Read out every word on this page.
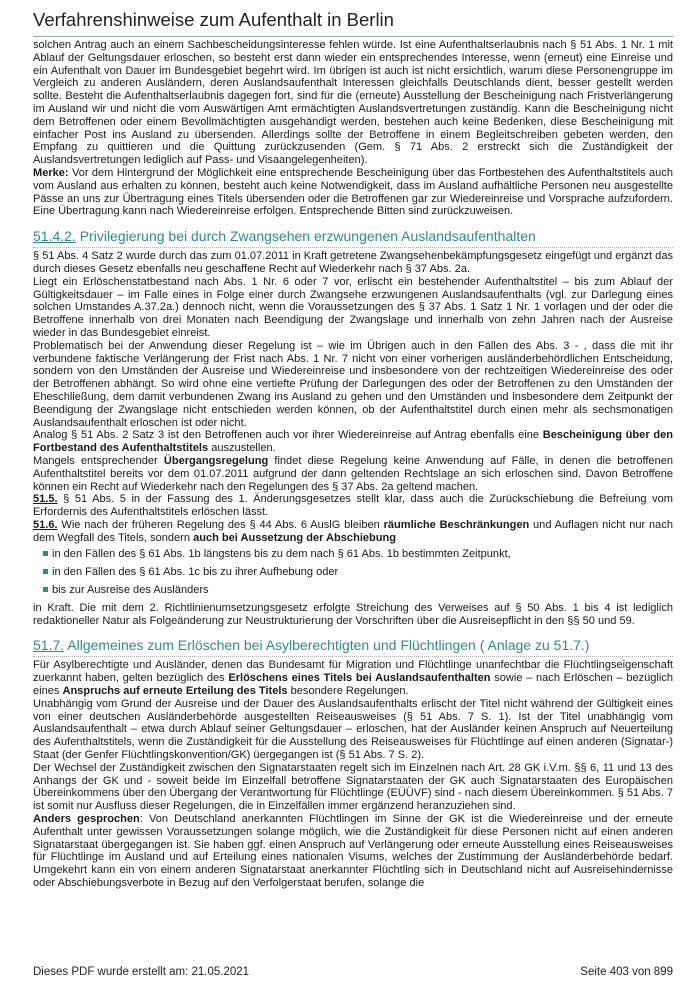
Verfahrenshinweise zum Aufenthalt in Berlin

solchen Antrag auch an einem Sachbescheidungsinteresse fehlen würde. Ist eine Aufenthaltserlaubnis nach § 51 Abs. 1 Nr. 1 mit Ablauf der Geltungsdauer erloschen, so besteht erst dann wieder ein entsprechendes Interesse, wenn (erneut) eine Einreise und ein Aufenthalt von Dauer im Bundesgebiet begehrt wird. Im übrigen ist auch ist nicht ersichtlich, warum diese Personengruppe im Vergleich zu anderen Ausländern, deren Auslandsaufenthalt Interessen gleichfalls Deutschlands dient, besser gestellt werden sollte. Besteht die Aufenthaltserlaubnis dagegen fort, sind für die (erneute) Ausstellung der Bescheinigung nach Fristverlängerung im Ausland wir und nicht die vom Auswärtigen Amt ermächtigten Auslandsvertretungen zuständig. Kann die Bescheinigung nicht dem Betroffenen oder einem Bevollmächtigten ausgehändigt werden, bestehen auch keine Bedenken, diese Bescheinigung mit einfacher Post ins Ausland zu übersenden. Allerdings sollte der Betroffene in einem Begleitschreiben gebeten werden, den Empfang zu quittieren und die Quittung zurückzusenden (Gem. § 71 Abs. 2 erstreckt sich die Zuständigkeit der Auslandsvertretungen lediglich auf Pass- und Visaangelegenheiten).

Merke: Vor dem Hintergrund der Möglichkeit eine entsprechende Bescheinigung über das Fortbestehen des Aufenthaltstitels auch vom Ausland aus erhalten zu können, besteht auch keine Notwendigkeit, dass im Ausland aufhältliche Personen neu ausgestellte Pässe an uns zur Übertragung eines Titels übersenden oder die Betroffenen gar zur Wiedereinreise und Vorsprache aufzufordern. Eine Übertragung kann nach Wiedereinreise erfolgen. Entsprechende Bitten sind zurückzuweisen.

51.4.2. Privilegierung bei durch Zwangsehen erzwungenen Auslandsaufenthalten

§ 51 Abs. 4 Satz 2 wurde durch das zum 01.07.2011 in Kraft getretene Zwangsehenbekämpfungsgesetz eingefügt und ergänzt das durch dieses Gesetz ebenfalls neu geschaffene Recht auf Wiederkehr nach § 37 Abs. 2a.

Liegt ein Erlöschenstatbestand nach Abs. 1 Nr. 6 oder 7 vor, erlischt ein bestehender Aufenthaltstitel – bis zum Ablauf der Gültigkeitsdauer – im Falle eines in Folge einer durch Zwangsehe erzwungenen Auslandsaufenthalts (vgl. zur Darlegung eines solchen Umstandes A.37.2a.) dennoch nicht, wenn die Voraussetzungen des § 37 Abs. 1 Satz 1 Nr. 1 vorlagen und der oder die Betroffene innerhalb von drei Monaten nach Beendigung der Zwangslage und innerhalb von zehn Jahren nach der Ausreise wieder in das Bundesgebiet einreist.

Problematisch bei der Anwendung dieser Regelung ist – wie im Übrigen auch in den Fällen des Abs. 3 - , dass die mit ihr verbundene faktische Verlängerung der Frist nach Abs. 1 Nr. 7 nicht von einer vorherigen ausländerbehördlichen Entscheidung, sondern von den Umständen der Ausreise und Wiedereinreise und insbesondere von der rechtzeitigen Wiedereinreise des oder der Betroffenen abhängt. So wird ohne eine vertiefte Prüfung der Darlegungen des oder der Betroffenen zu den Umständen der Eheschließung, dem damit verbundenen Zwang ins Ausland zu gehen und den Umständen und insbesondere dem Zeitpunkt der Beendigung der Zwangslage nicht entschieden werden können, ob der Aufenthaltstitel durch einen mehr als sechsmonatigen Auslandsaufenthalt erloschen ist oder nicht.

Analog § 51 Abs. 2 Satz 3 ist den Betroffenen auch vor ihrer Wiedereinreise auf Antrag ebenfalls eine Bescheinigung über den Fortbestand des Aufenthaltstitels auszustellen.

Mangels entsprechender Übergangsregelung findet diese Regelung keine Anwendung auf Fälle, in denen die betroffenen Aufenthaltstitel bereits vor dem 01.07.2011 aufgrund der dann geltenden Rechtslage an sich erloschen sind. Davon Betroffene können ein Recht auf Wiederkehr nach den Regelungen des § 37 Abs. 2a geltend machen.

51.5. § 51 Abs. 5 in der Fassung des 1. Änderungsgesetzes stellt klar, dass auch die Zurückschiebung die Befreiung vom Erfordernis des Aufenthaltstitels erlöschen lässt.

51.6. Wie nach der früheren Regelung des § 44 Abs. 6 AuslG bleiben räumliche Beschränkungen und Auflagen nicht nur nach dem Wegfall des Titels, sondern auch bei Aussetzung der Abschiebung

in den Fällen des § 61 Abs. 1b längstens bis zu dem nach § 61 Abs. 1b bestimmten Zeitpunkt,

in den Fällen des § 61 Abs. 1c bis zu ihrer Aufhebung oder

bis zur Ausreise des Ausländers

in Kraft. Die mit dem 2. Richtlinienumsetzungsgesetz erfolgte Streichung des Verweises auf § 50 Abs. 1 bis 4 ist lediglich redaktioneller Natur als Folgeänderung zur Neustrukturierung der Vorschriften über die Ausreisepflicht in den §§ 50 und 59.

51.7. Allgemeines zum Erlöschen bei Asylberechtigten und Flüchtlingen ( Anlage zu 51.7.)

Für Asylberechtigte und Ausländer, denen das Bundesamt für Migration und Flüchtlinge unanfechtbar die Flüchtlingseigenschaft zuerkannt haben, gelten bezüglich des Erlöschens eines Titels bei Auslandsaufenthalten sowie – nach Erlöschen – bezüglich eines Anspruchs auf erneute Erteilung des Titels besondere Regelungen.

Unabhängig vom Grund der Ausreise und der Dauer des Auslandsaufenthalts erlischt der Titel nicht während der Gültigkeit eines von einer deutschen Ausländerbehörde ausgestellten Reiseausweises (§ 51 Abs. 7 S. 1). Ist der Titel unabhängig vom Auslandsaufenthalt – etwa durch Ablauf seiner Geltungsdauer – erloschen, hat der Ausländer keinen Anspruch auf Neuerteilung des Aufenthaltstitels, wenn die Zuständigkeit für die Ausstellung des Reiseausweises für Flüchtlinge auf einen anderen (Signatar-) Staat (der Genfer Flüchtlingskonvention/GK) üergegangen ist (§ 51 Abs. 7 S. 2).

Der Wechsel der Zuständigkeit zwischen den Signatarstaaten regelt sich im Einzelnen nach Art. 28 GK i.V.m. §§ 6, 11 und 13 des Anhangs der GK und - soweit beide im Einzelfall betroffene Signatarstaaten der GK auch Signatarstaaten des Europäischen Übereinkommens über den Übergang der Verantwortung für Flüchtlinge (EÜÜVF) sind - nach diesem Übereinkommen. § 51 Abs. 7 ist somit nur Ausfluss dieser Regelungen, die in Einzelfällen immer ergänzend heranzuziehen sind.

Anders gesprochen: Von Deutschland anerkannten Flüchtlingen im Sinne der GK ist die Wiedereinreise und der erneute Aufenthalt unter gewissen Voraussetzungen solange möglich, wie die Zuständigkeit für diese Personen nicht auf einen anderen Signatarstaat übergegangen ist. Sie haben ggf. einen Anspruch auf Verlängerung oder erneute Ausstellung eines Reiseausweises für Flüchtlinge im Ausland und auf Erteilung eines nationalen Visums, welches der Zustimmung der Ausländerbehörde bedarf. Umgekehrt kann ein von einem anderen Signatarstaat anerkannter Flüchtling sich in Deutschland nicht auf Ausreisehindernisse oder Abschiebungsverbote in Bezug auf den Verfolgerstaat berufen, solange die

Dieses PDF wurde erstellt am: 21.05.2021	Seite 403 von 899
